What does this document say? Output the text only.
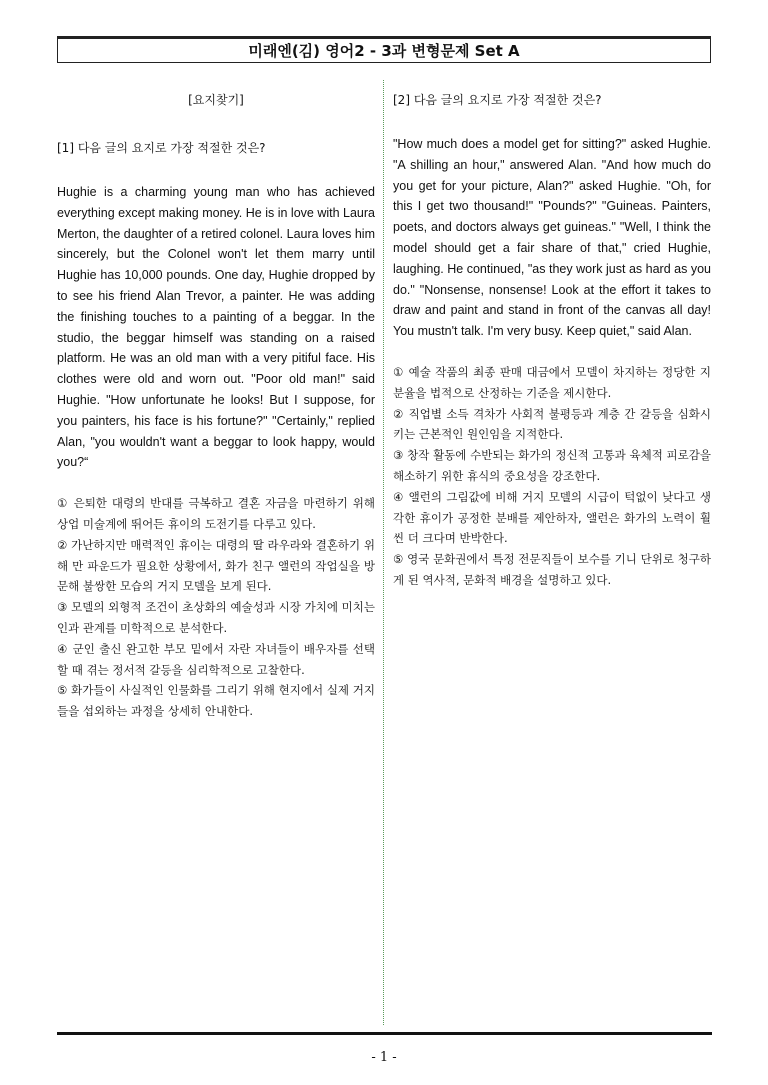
미래엔(김) 영어2 - 3과 변형문제 Set A

[요지찾기]

[1] 다음 글의 요지로 가장 적절한 것은?

Hughie is a charming young man who has achieved everything except making money. He is in love with Laura Merton, the daughter of a retired colonel. Laura loves him sincerely, but the Colonel won't let them marry until Hughie has 10,000 pounds. One day, Hughie dropped by to see his friend Alan Trevor, a painter. He was adding the finishing touches to a painting of a beggar. In the studio, the beggar himself was standing on a raised platform. He was an old man with a very pitiful face. His clothes were old and worn out. "Poor old man!" said Hughie. "How unfortunate he looks! But I suppose, for you painters, his face is his fortune?" "Certainly," replied Alan, "you wouldn't want a beggar to look happy, would you?“

① 은퇴한 대령의 반대를 극복하고 결혼 자금을 마련하기 위해 상업 미술계에 뛰어든 휴이의 도전기를 다루고 있다.
② 가난하지만 매력적인 휴이는 대령의 딸 라우라와 결혼하기 위해 만 파운드가 필요한 상황에서, 화가 친구 앨런의 작업실을 방문해 불쌍한 모습의 거지 모델을 보게 된다.
③ 모델의 외형적 조건이 초상화의 예술성과 시장 가치에 미치는 인과 관계를 미학적으로 분석한다.
④ 군인 출신 완고한 부모 밑에서 자란 자녀들이 배우자를 선택할 때 겪는 정서적 갈등을 심리학적으로 고찰한다.
⑤ 화가들이 사실적인 인물화를 그리기 위해 현지에서 실제 거지들을 섭외하는 과정을 상세히 안내한다.

[2] 다음 글의 요지로 가장 적절한 것은?

"How much does a model get for sitting?" asked Hughie. "A shilling an hour," answered Alan. "And how much do you get for your picture, Alan?" asked Hughie. "Oh, for this I get two thousand!" "Pounds?" "Guineas. Painters, poets, and doctors always get guineas." "Well, I think the model should get a fair share of that," cried Hughie, laughing. He continued, "as they work just as hard as you do." "Nonsense, nonsense! Look at the effort it takes to draw and paint and stand in front of the canvas all day! You mustn't talk. I'm very busy. Keep quiet," said Alan.

① 예술 작품의 최종 판매 대금에서 모델이 차지하는 정당한 지분율을 법적으로 산정하는 기준을 제시한다.
② 직업별 소득 격차가 사회적 불평등과 계층 간 갈등을 심화시키는 근본적인 원인임을 지적한다.
③ 창작 활동에 수반되는 화가의 정신적 고통과 육체적 피로감을 해소하기 위한 휴식의 중요성을 강조한다.
④ 앨런의 그림값에 비해 거지 모델의 시급이 턱없이 낮다고 생각한 휴이가 공정한 분배를 제안하자, 앨런은 화가의 노력이 훨씬 더 크다며 반박한다.
⑤ 영국 문화권에서 특정 전문직들이 보수를 기니 단위로 청구하게 된 역사적, 문화적 배경을 설명하고 있다.
- 1 -
